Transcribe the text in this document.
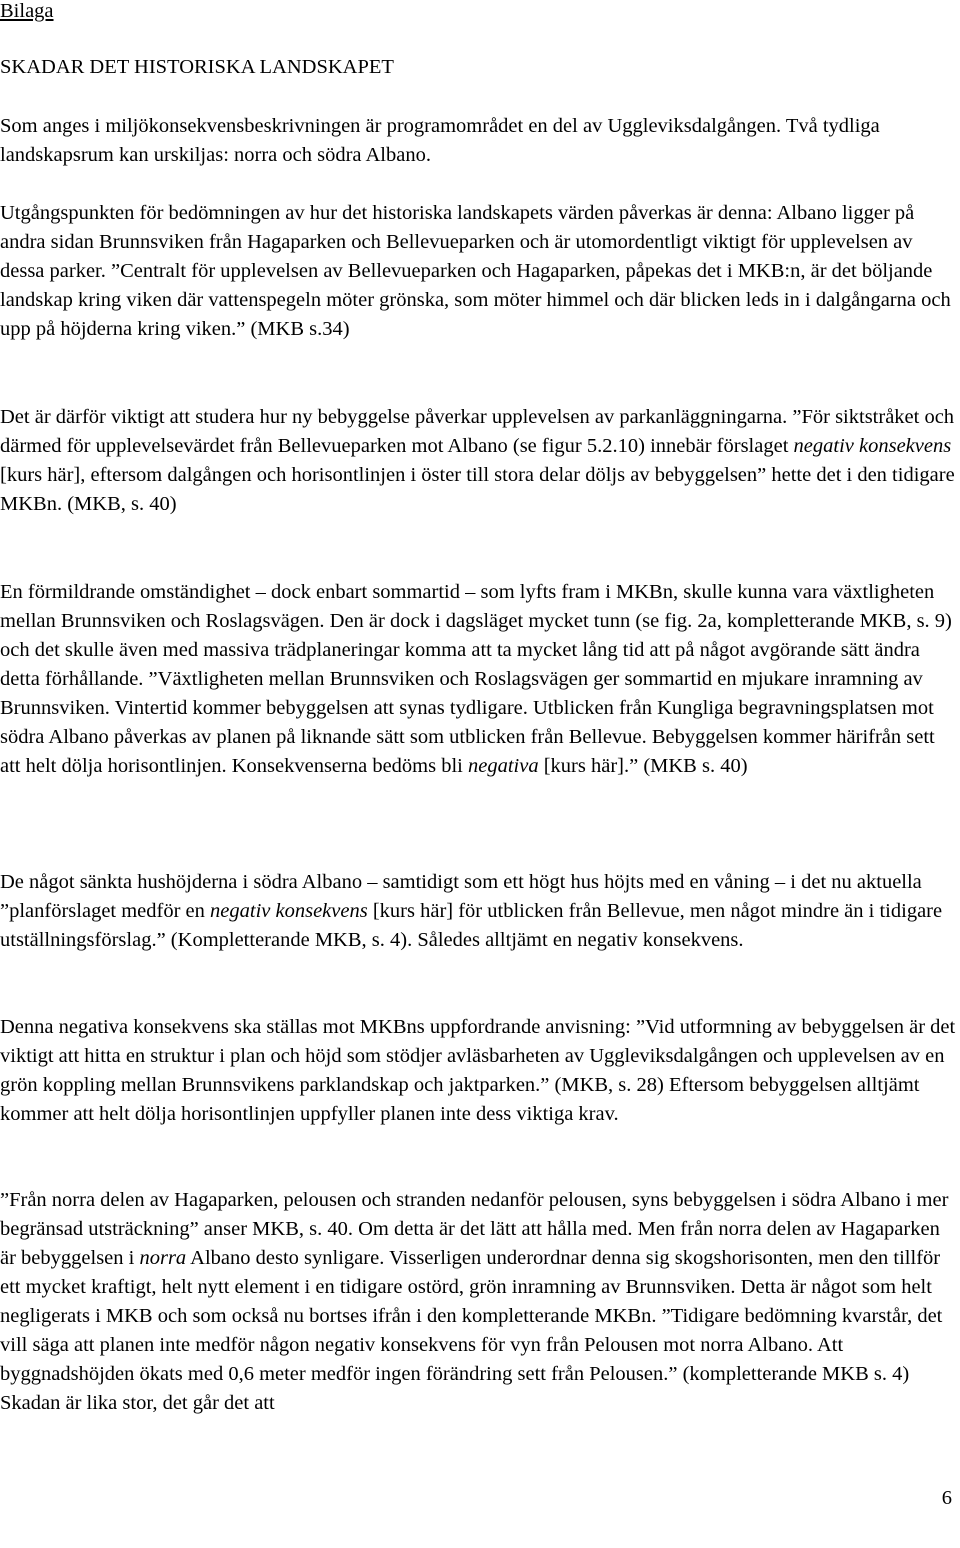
Bilaga
SKADAR DET HISTORISKA LANDSKAPET

Som anges i miljökonsekvensbeskrivningen är programområdet en del av Uggleviksdalgången. Två tydliga landskapsrum kan urskiljas: norra och södra Albano.

Utgångspunkten för bedömningen av hur det historiska landskapets värden påverkas är denna: Albano ligger på andra sidan Brunnsviken från Hagaparken och Bellevueparken och är utomordentligt viktigt för upplevelsen av dessa parker. ”Centralt för upplevelsen av Bellevueparken och Hagaparken, påpekas det i MKB:n, är det böljande landskap kring viken där vattenspegeln möter grönska, som möter himmel och där blicken leds in i dalgångarna och upp på höjderna kring viken.” (MKB s.34)

Det är därför viktigt att studera hur ny bebyggelse påverkar upplevelsen av parkanläggningarna. ”För siktstråket och därmed för upplevelsevärdet från Bellevueparken mot Albano (se figur 5.2.10) innebär förslaget negativ konsekvens [kurs här], eftersom dalgången och horisontlinjen i öster till stora delar döljs av bebyggelsen” hette det i den tidigare MKBn. (MKB, s. 40)

En förmildrande omständighet – dock enbart sommartid – som lyfts fram i MKBn, skulle kunna vara växtligheten mellan Brunnsviken och Roslagsvägen. Den är dock i dagsläget mycket tunn (se fig. 2a, kompletterande MKB, s. 9) och det skulle även med massiva trädplaneringar komma att ta mycket lång tid att på något avgörande sätt ändra detta förhållande. ”Växtligheten mellan Brunnsviken och Roslagsvägen ger sommartid en mjukare inramning av Brunnsviken. Vintertid kommer bebyggelsen att synas tydligare. Utblicken från Kungliga begravningsplatsen mot södra Albano påverkas av planen på liknande sätt som utblicken från Bellevue. Bebyggelsen kommer härifrån sett att helt dölja horisontlinjen. Konsekvenserna bedöms bli negativa [kurs här].” (MKB s. 40)

De något sänkta hushöjderna i södra Albano – samtidigt som ett högt hus höjts med en våning – i det nu aktuella ”planförslaget medför en negativ konsekvens [kurs här] för utblicken från Bellevue, men något mindre än i tidigare utställningsförslag.” (Kompletterande MKB, s. 4). Således alltjämt en negativ konsekvens.

Denna negativa konsekvens ska ställas mot MKBns uppfordrande anvisning: ”Vid utformning av bebyggelsen är det viktigt att hitta en struktur i plan och höjd som stödjer avläsbarheten av Uggleviksdalgången och upplevelsen av en grön koppling mellan Brunnsvikens parklandskap och jaktparken.” (MKB, s. 28) Eftersom bebyggelsen alltjämt kommer att helt dölja horisontlinjen uppfyller planen inte dess viktiga krav.

”Från norra delen av Hagaparken, pelousen och stranden nedanför pelousen, syns bebyggelsen i södra Albano i mer begränsad utsträckning” anser MKB, s. 40. Om detta är det lätt att hålla med. Men från norra delen av Hagaparken är bebyggelsen i norra Albano desto synligare. Visserligen underordnar denna sig skogshorisonten, men den tillför ett mycket kraftigt, helt nytt element i en tidigare ostörd, grön inramning av Brunnsviken. Detta är något som helt negligerats i MKB och som också nu bortses ifrån i den kompletterande MKBn. ”Tidigare bedömning kvarstår, det vill säga att planen inte medför någon negativ konsekvens för vyn från Pelousen mot norra Albano. Att byggnadshöjden ökats med 0,6 meter medför ingen förändring sett från Pelousen.” (kompletterande MKB s. 4) Skadan är lika stor, det går det att

6
